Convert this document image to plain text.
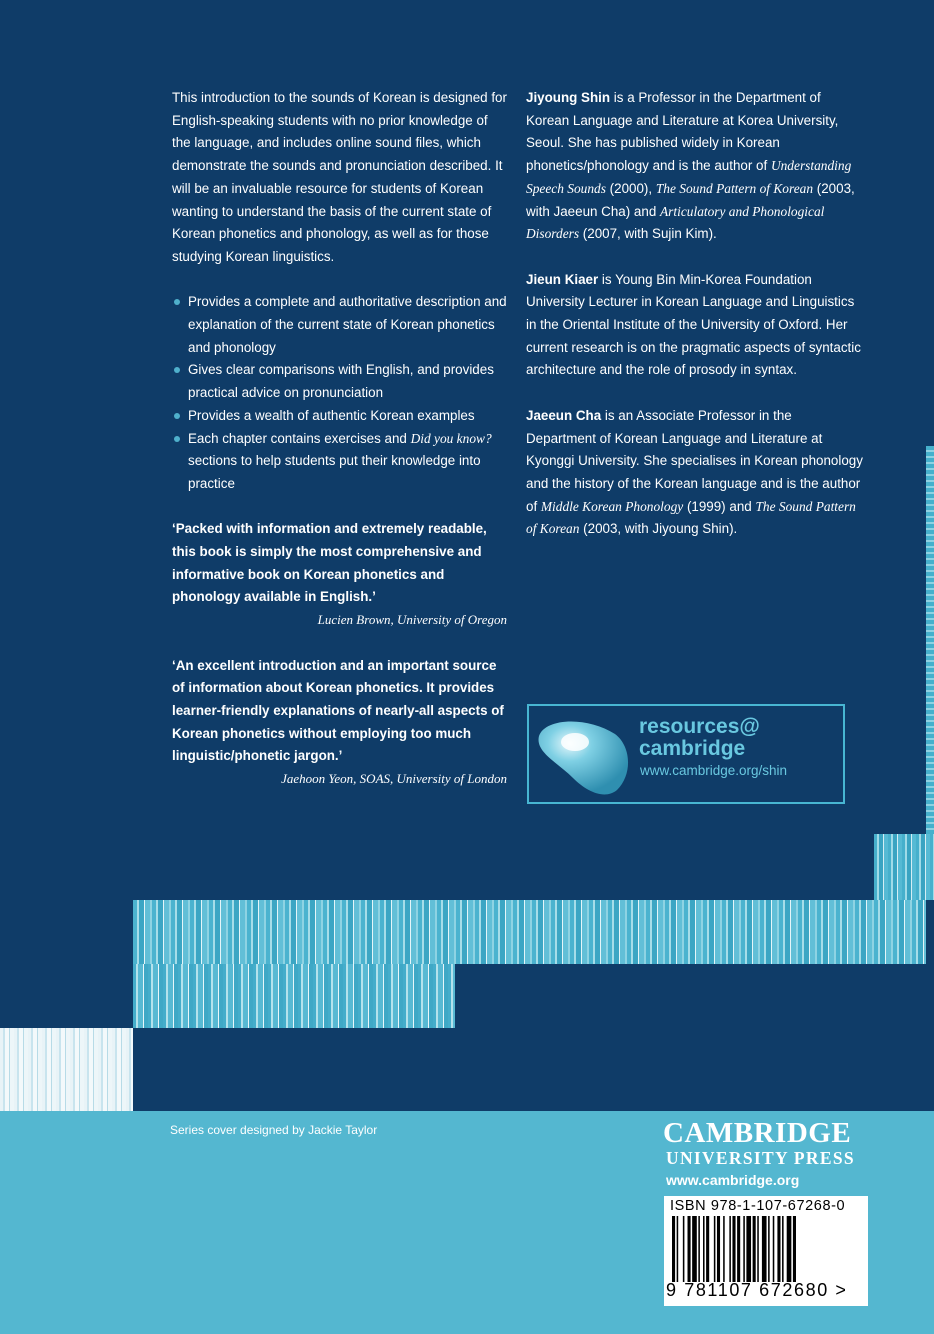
This introduction to the sounds of Korean is designed for English-speaking students with no prior knowledge of the language, and includes online sound files, which demonstrate the sounds and pronunciation described. It will be an invaluable resource for students of Korean wanting to understand the basis of the current state of Korean phonetics and phonology, as well as for those studying Korean linguistics.

Provides a complete and authoritative description and explanation of the current state of Korean phonetics and phonology
Gives clear comparisons with English, and provides practical advice on pronunciation
Provides a wealth of authentic Korean examples
Each chapter contains exercises and Did you know? sections to help students put their knowledge into practice
‘Packed with information and extremely readable, this book is simply the most comprehensive and informative book on Korean phonetics and phonology available in English.’
Lucien Brown, University of Oregon
‘An excellent introduction and an important source of information about Korean phonetics. It provides learner-friendly explanations of nearly-all aspects of Korean phonetics without employing too much linguistic/phonetic jargon.’
Jaehoon Yeon, SOAS, University of London

Jiyoung Shin is a Professor in the Department of Korean Language and Literature at Korea University, Seoul. She has published widely in Korean phonetics/phonology and is the author of Understanding Speech Sounds (2000), The Sound Pattern of Korean (2003, with Jaeeun Cha) and Articulatory and Phonological Disorders (2007, with Sujin Kim).

Jieun Kiaer is Young Bin Min-Korea Foundation University Lecturer in Korean Language and Linguistics in the Oriental Institute of the University of Oxford. Her current research is on the pragmatic aspects of syntactic architecture and the role of prosody in syntax.

Jaeeun Cha is an Associate Professor in the Department of Korean Language and Literature at Kyonggi University. She specialises in Korean phonology and the history of the Korean language and is the author of Middle Korean Phonology (1999) and The Sound Pattern of Korean (2003, with Jiyoung Shin).

resources@
cambridge
www.cambridge.org/shin
Series cover designed by Jackie Taylor	CAMBRIDGE
UNIVERSITY PRESS
www.cambridge.org
ISBN 978-1-107-67268-0
9 781107 672680 >
